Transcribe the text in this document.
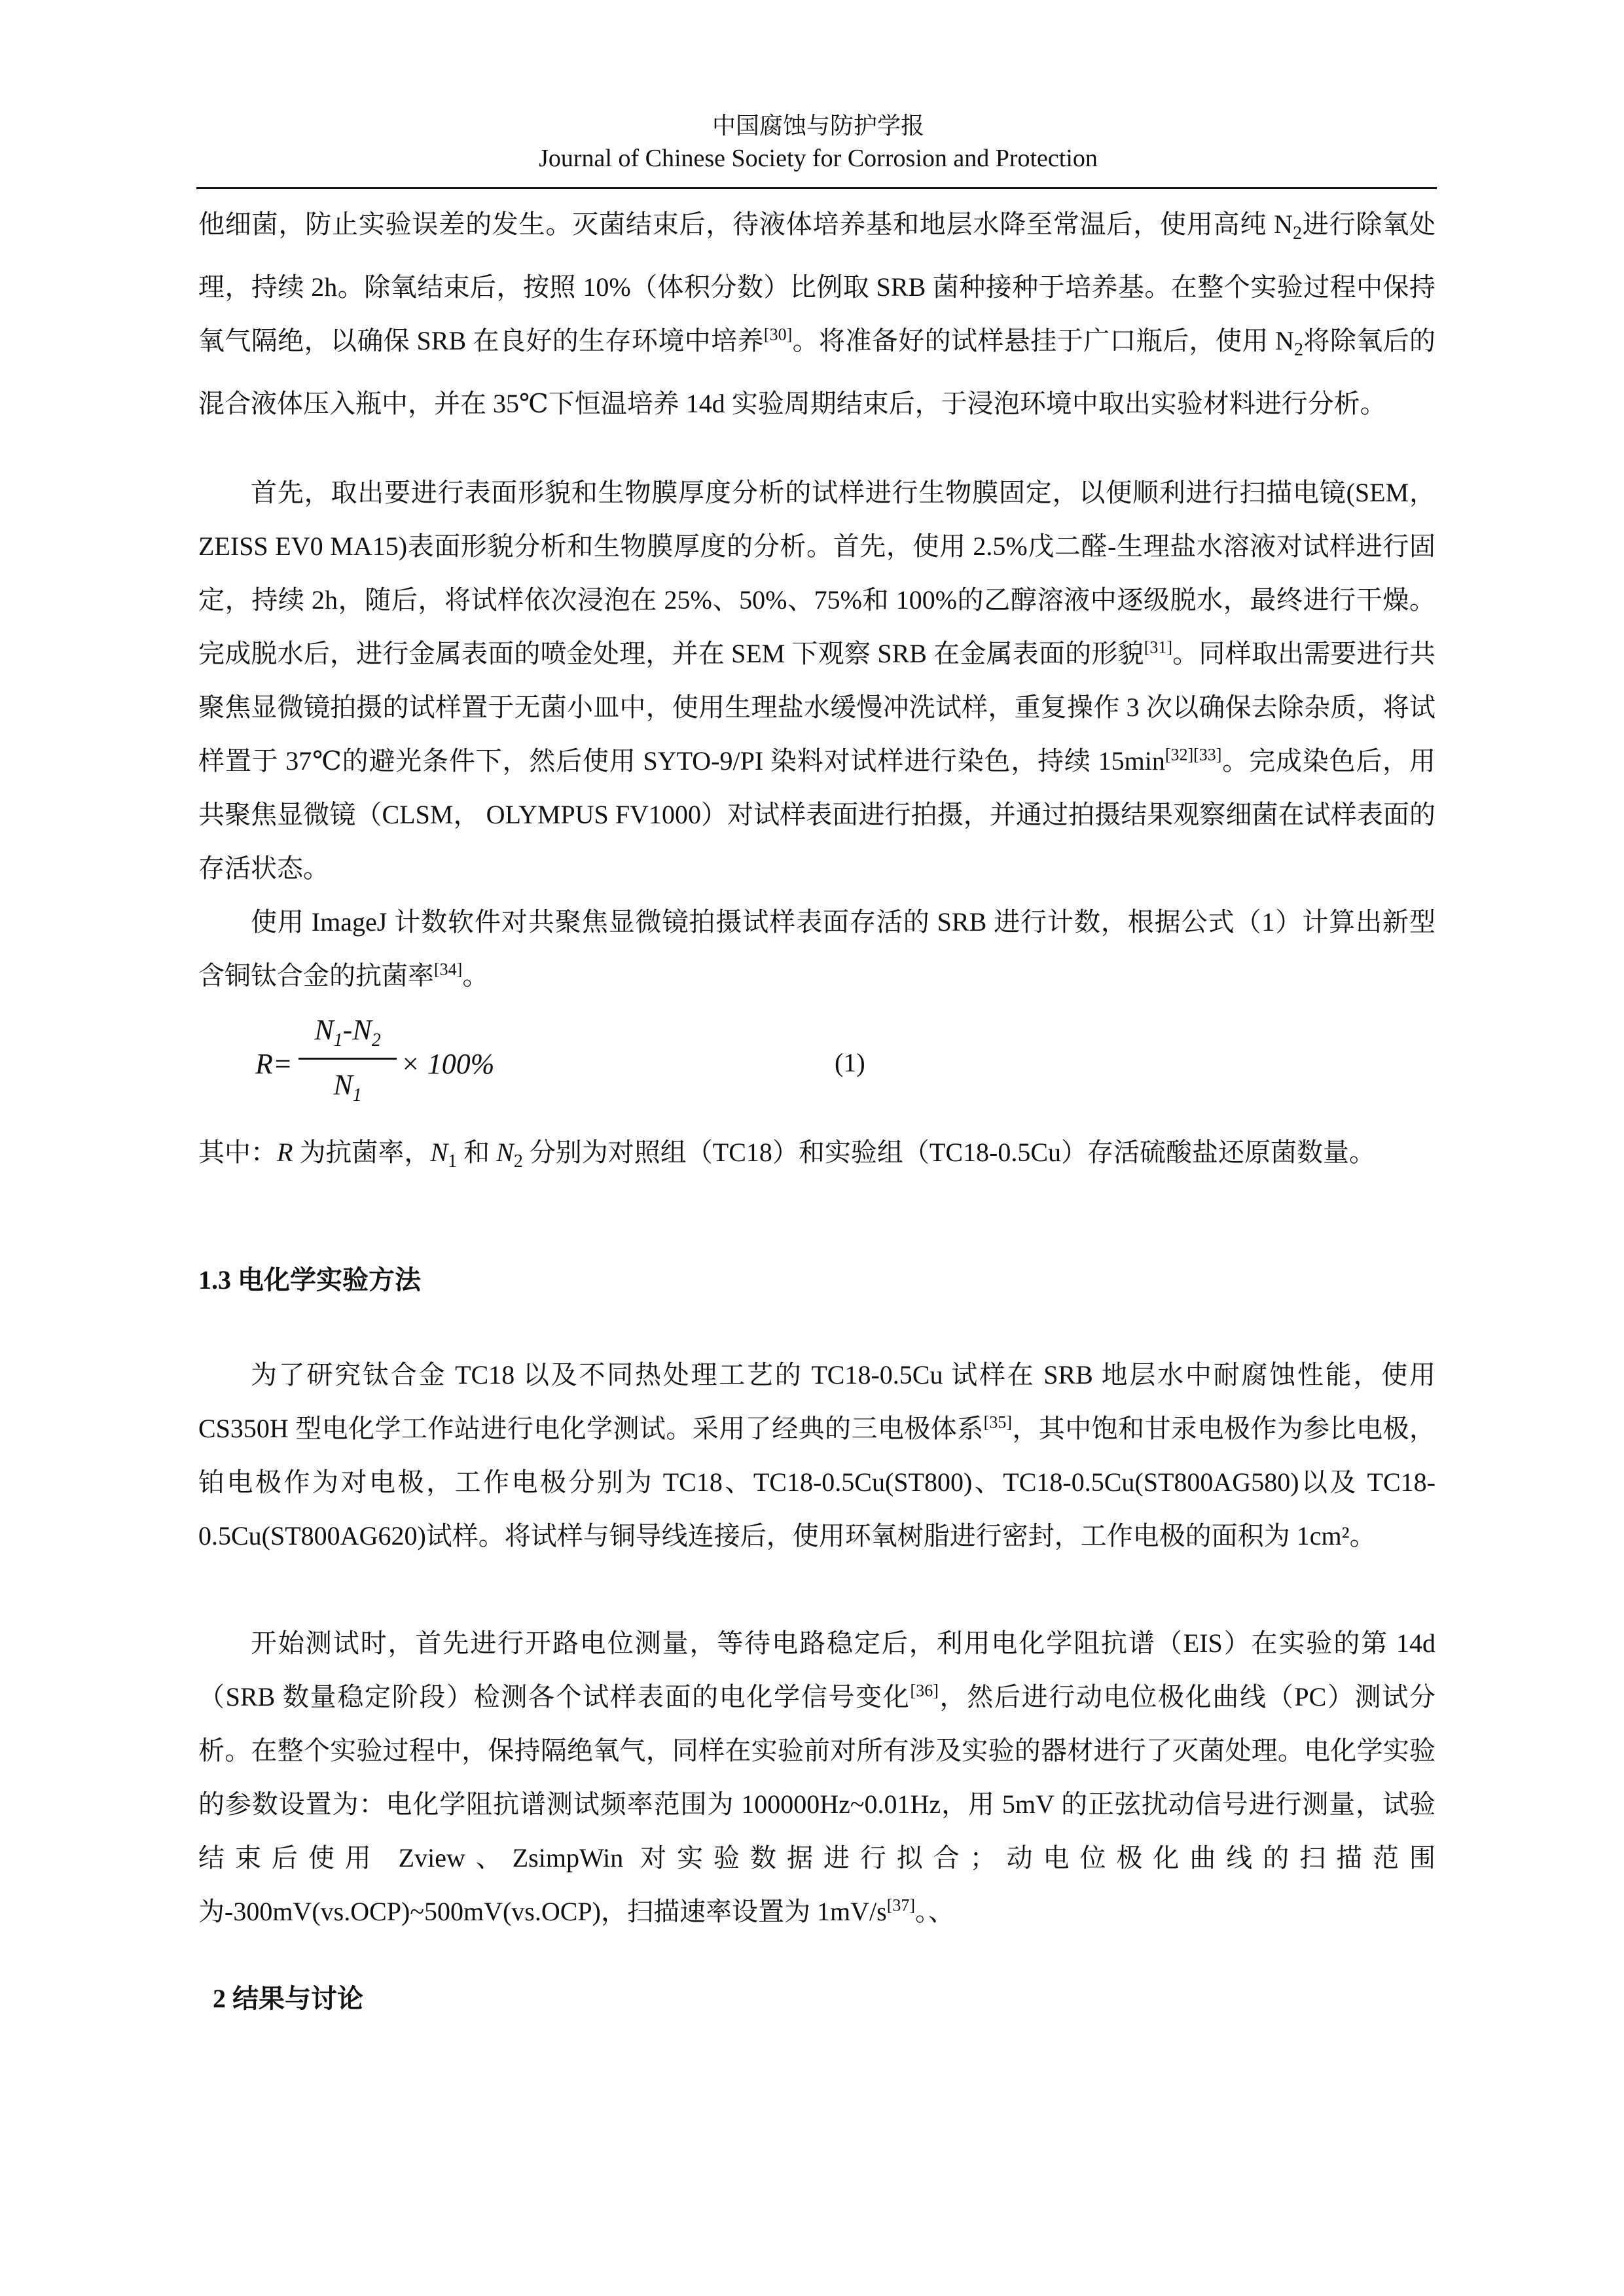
中国腐蚀与防护学报
Journal of Chinese Society for Corrosion and Protection

他细菌，防止实验误差的发生。灭菌结束后，待液体培养基和地层水降至常温后，使用高纯 $N_2$进行除氧处理，持续 2h。除氧结束后，按照 10%（体积分数）比例取 SRB 菌种接种于培养基。在整个实验过程中保持氧气隔绝，以确保 SRB 在良好的生存环境中培养[30]。将准备好的试样悬挂于广口瓶后，使用 $N_2$将除氧后的混合液体压入瓶中，并在 35℃下恒温培养 14d 实验周期结束后，于浸泡环境中取出实验材料进行分析。

首先，取出要进行表面形貌和生物膜厚度分析的试样进行生物膜固定，以便顺利进行扫描电镜(SEM， ZEISS EV0 MA15)表面形貌分析和生物膜厚度的分析。首先，使用 2.5%戊二醛-生理盐水溶液对试样进行固定，持续 2h，随后，将试样依次浸泡在 25%、50%、75%和 100%的乙醇溶液中逐级脱水，最终进行干燥。完成脱水后，进行金属表面的喷金处理，并在 SEM 下观察 SRB 在金属表面的形貌[31]。同样取出需要进行共聚焦显微镜拍摄的试样置于无菌小皿中，使用生理盐水缓慢冲洗试样，重复操作 3 次以确保去除杂质，将试样置于 37℃的避光条件下，然后使用 SYTO-9/PI 染料对试样进行染色，持续 15min[32][33]。完成染色后，用共聚焦显微镜（CLSM， OLYMPUS FV1000）对试样表面进行拍摄，并通过拍摄结果观察细菌在试样表面的存活状态。

使用 ImageJ 计数软件对共聚焦显微镜拍摄试样表面存活的 SRB 进行计数，根据公式（1）计算出新型含铜钛合金的抗菌率[34]。

R=
$N_1-N_2$
$N_1$
× 100%	(1)

其中：R 为抗菌率，$N_1$ 和 $N_2$ 分别为对照组（TC18）和实验组（TC18-0.5Cu）存活硫酸盐还原菌数量。

1.3 电化学实验方法

为了研究钛合金 TC18 以及不同热处理工艺的 TC18-0.5Cu 试样在 SRB 地层水中耐腐蚀性能，使用 CS350H 型电化学工作站进行电化学测试。采用了经典的三电极体系[35]，其中饱和甘汞电极作为参比电极，铂电极作为对电极，工作电极分别为 TC18、TC18-0.5Cu(ST800)、TC18-0.5Cu(ST800AG580)以及 TC18-0.5Cu(ST800AG620)试样。将试样与铜导线连接后，使用环氧树脂进行密封，工作电极的面积为 1cm²。

开始测试时，首先进行开路电位测量，等待电路稳定后，利用电化学阻抗谱（EIS）在实验的第 14d（SRB 数量稳定阶段）检测各个试样表面的电化学信号变化[36]，然后进行动电位极化曲线（PC）测试分析。在整个实验过程中，保持隔绝氧气，同样在实验前对所有涉及实验的器材进行了灭菌处理。电化学实验的参数设置为：电化学阻抗谱测试频率范围为 100000Hz~0.01Hz，用 5mV 的正弦扰动信号进行测量，试验结束后使用 Zview、ZsimpWin 对实验数据进行拟合；动电位极化曲线的扫描范围为-300mV(vs.OCP)~500mV(vs.OCP)，扫描速率设置为 1mV/s[37]。、

2 结果与讨论
